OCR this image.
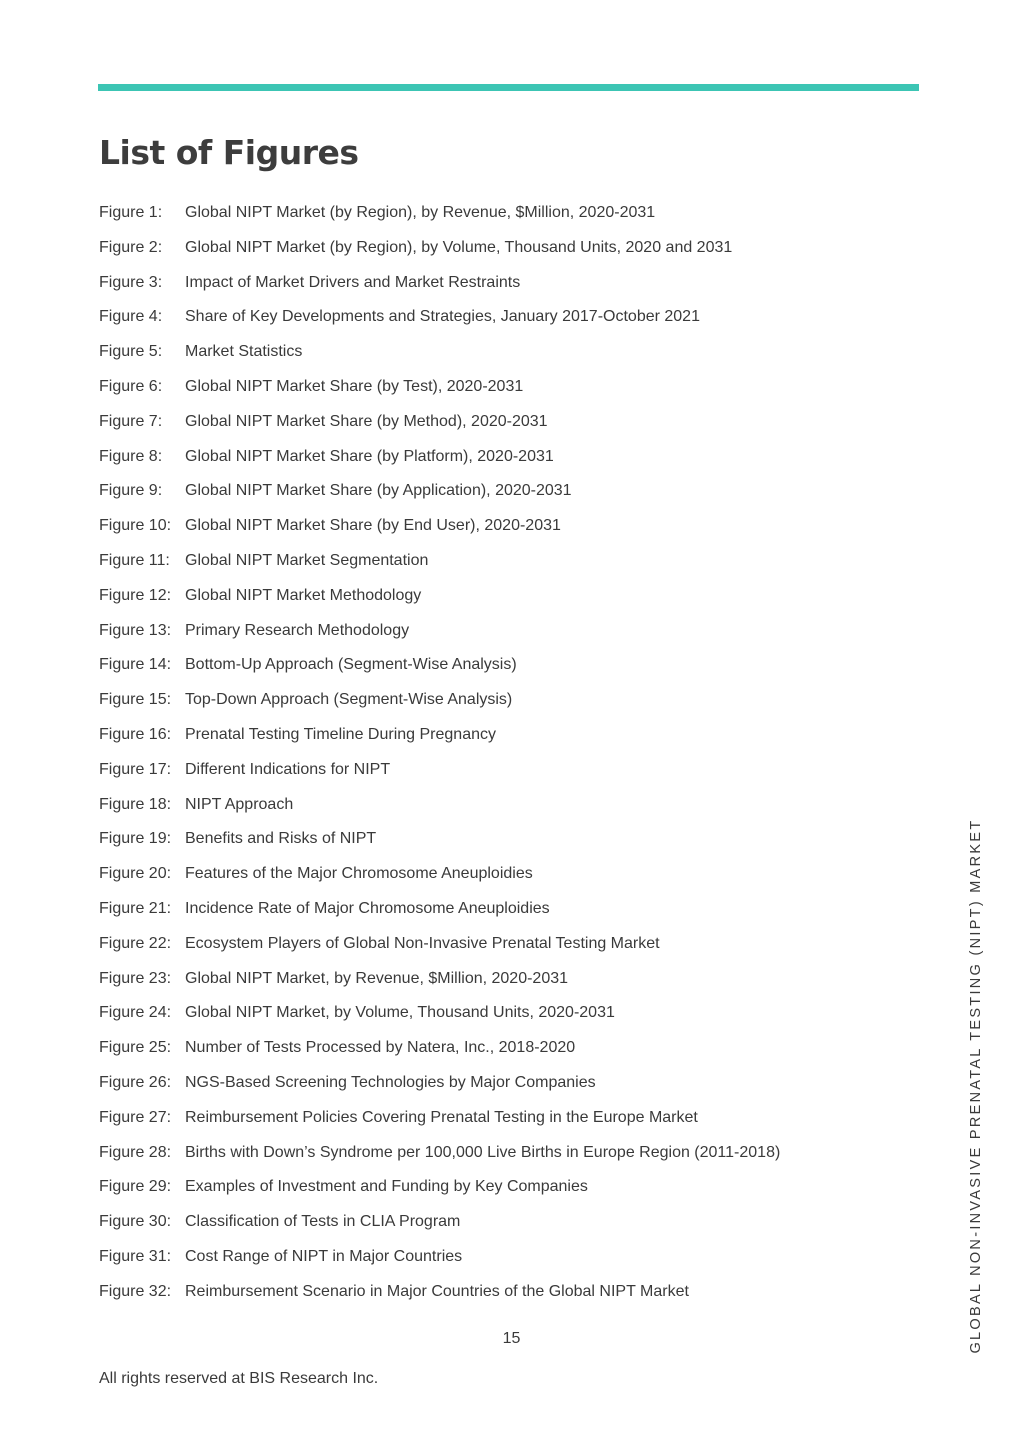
List of Figures
Figure 1:	Global NIPT Market (by Region), by Revenue, $Million, 2020-2031
Figure 2:	Global NIPT Market (by Region), by Volume, Thousand Units, 2020 and 2031
Figure 3:	Impact of Market Drivers and Market Restraints
Figure 4:	Share of Key Developments and Strategies, January 2017-October 2021
Figure 5:	Market Statistics
Figure 6:	Global NIPT Market Share (by Test), 2020-2031
Figure 7:	Global NIPT Market Share (by Method), 2020-2031
Figure 8:	Global NIPT Market Share (by Platform), 2020-2031
Figure 9:	Global NIPT Market Share (by Application), 2020-2031
Figure 10: Global NIPT Market Share (by End User), 2020-2031
Figure 11: Global NIPT Market Segmentation
Figure 12: Global NIPT Market Methodology
Figure 13: Primary Research Methodology
Figure 14: Bottom-Up Approach (Segment-Wise Analysis)
Figure 15: Top-Down Approach (Segment-Wise Analysis)
Figure 16: Prenatal Testing Timeline During Pregnancy
Figure 17: Different Indications for NIPT
Figure 18: NIPT Approach
Figure 19: Benefits and Risks of NIPT
Figure 20: Features of the Major Chromosome Aneuploidies
Figure 21: Incidence Rate of Major Chromosome Aneuploidies
Figure 22: Ecosystem Players of Global Non-Invasive Prenatal Testing Market
Figure 23: Global NIPT Market, by Revenue, $Million, 2020-2031
Figure 24: Global NIPT Market, by Volume, Thousand Units, 2020-2031
Figure 25: Number of Tests Processed by Natera, Inc., 2018-2020
Figure 26: NGS-Based Screening Technologies by Major Companies
Figure 27: Reimbursement Policies Covering Prenatal Testing in the Europe Market
Figure 28: Births with Down’s Syndrome per 100,000 Live Births in Europe Region (2011-2018)
Figure 29: Examples of Investment and Funding by Key Companies
Figure 30: Classification of Tests in CLIA Program
Figure 31: Cost Range of NIPT in Major Countries
Figure 32: Reimbursement Scenario in Major Countries of the Global NIPT Market
15
All rights reserved at BIS Research Inc.
GLOBAL NON-INVASIVE PRENATAL TESTING (NIPT) MARKET
